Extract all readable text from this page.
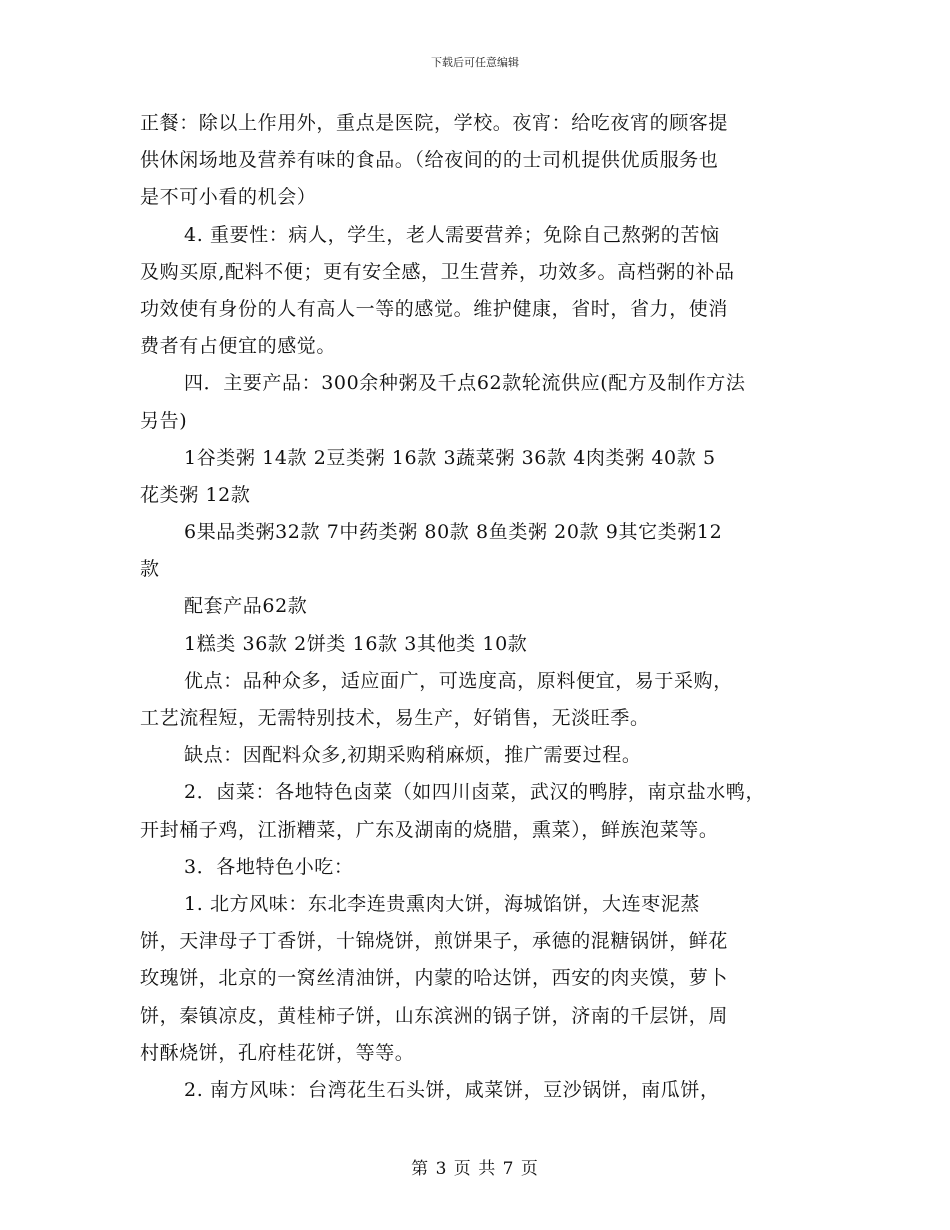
下载后可任意编辑
正餐：除以上作用外，重点是医院，学校。夜宵：给吃夜宵的顾客提
供休闲场地及营养有味的食品。（给夜间的的士司机提供优质服务也
是不可小看的机会）
4. 重要性：病人，学生，老人需要营养；免除自己熬粥的苦恼
及购买原,配料不便；更有安全感，卫生营养，功效多。高档粥的补品
功效使有身份的人有高人一等的感觉。维护健康，省时，省力，使消
费者有占便宜的感觉。
四．主要产品：300余种粥及千点62款轮流供应(配方及制作方法
另告)
1谷类粥 14款 2豆类粥 16款 3蔬菜粥 36款 4肉类粥 40款 5
花类粥 12款
6果品类粥32款 7中药类粥 80款 8鱼类粥 20款 9其它类粥12
款
配套产品62款
1糕类 36款 2饼类 16款 3其他类 10款
优点：品种众多，适应面广，可选度高，原料便宜，易于采购，
工艺流程短，无需特别技术，易生产，好销售，无淡旺季。
缺点：因配料众多,初期采购稍麻烦，推广需要过程。
2．卤菜：各地特色卤菜（如四川卤菜，武汉的鸭脖，南京盐水鸭，
开封桶子鸡，江浙糟菜，广东及湖南的烧腊，熏菜），鲜族泡菜等。
3．各地特色小吃：
1. 北方风味：东北李连贵熏肉大饼，海城馅饼，大连枣泥蒸
饼，天津母子丁香饼，十锦烧饼，煎饼果子，承德的混糖锅饼，鲜花
玫瑰饼，北京的一窝丝清油饼，内蒙的哈达饼，西安的肉夹馍，萝卜
饼，秦镇凉皮，黄桂柿子饼，山东滨洲的锅子饼，济南的千层饼，周
村酥烧饼，孔府桂花饼，等等。
2. 南方风味：台湾花生石头饼，咸菜饼，豆沙锅饼，南瓜饼，
第 3 页 共 7 页
